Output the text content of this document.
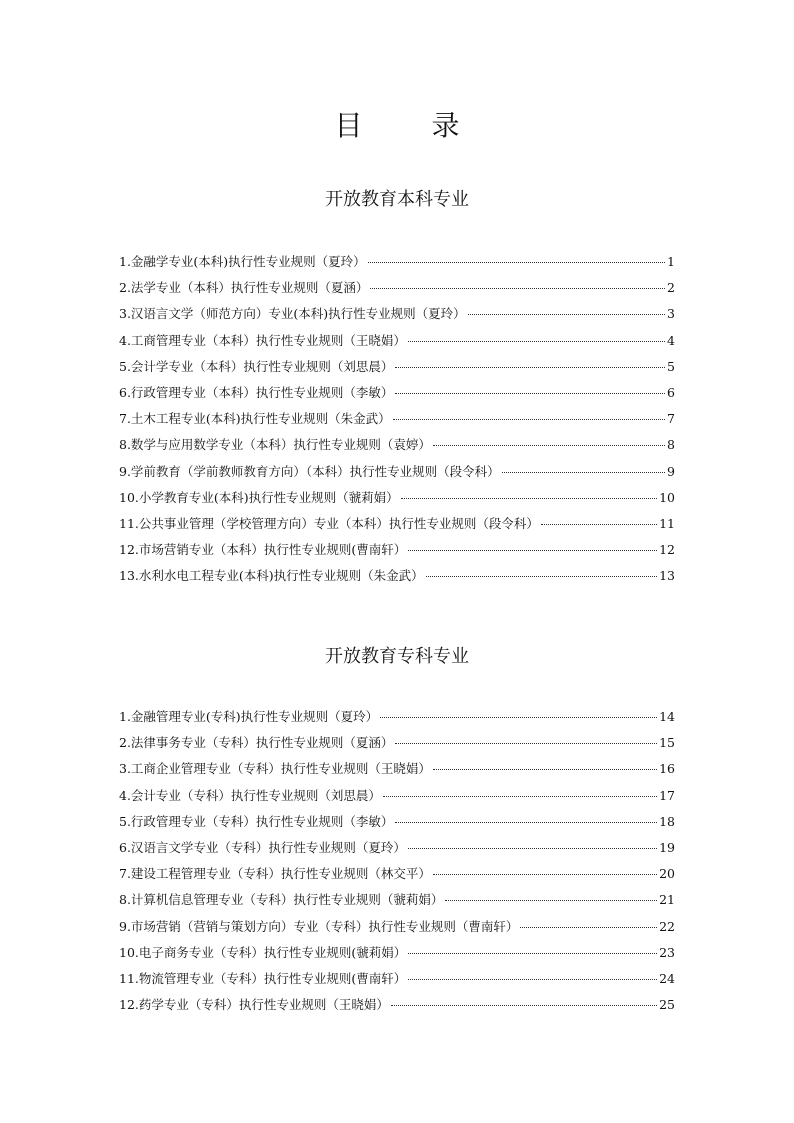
目 录
开放教育本科专业
1.金融学专业(本科)执行性专业规则（夏玲）	1
2.法学专业（本科）执行性专业规则（夏涵）	2
3.汉语言文学（师范方向）专业(本科)执行性专业规则（夏玲）	3
4.工商管理专业（本科）执行性专业规则（王晓娟）	4
5.会计学专业（本科）执行性专业规则（刘思晨）	5
6.行政管理专业（本科）执行性专业规则（李敏）	6
7.土木工程专业(本科)执行性专业规则（朱金武）	7
8.数学与应用数学专业（本科）执行性专业规则（袁婷）	8
9.学前教育（学前教师教育方向）（本科）执行性专业规则（段令科）	9
10.小学教育专业(本科)执行性专业规则（虢莉娟）	10
11.公共事业管理（学校管理方向）专业（本科）执行性专业规则（段令科）	11
12.市场营销专业（本科）执行性专业规则(曹南轩）	12
13.水利水电工程专业(本科)执行性专业规则（朱金武）	13
开放教育专科专业
1.金融管理专业(专科)执行性专业规则（夏玲）	14
2.法律事务专业（专科）执行性专业规则（夏涵）	15
3.工商企业管理专业（专科）执行性专业规则（王晓娟）	16
4.会计专业（专科）执行性专业规则（刘思晨）	17
5.行政管理专业（专科）执行性专业规则（李敏）	18
6.汉语言文学专业（专科）执行性专业规则（夏玲）	19
7.建设工程管理专业（专科）执行性专业规则（林交平）	20
8.计算机信息管理专业（专科）执行性专业规则（虢莉娟）	21
9.市场营销（营销与策划方向）专业（专科）执行性专业规则（曹南轩）	22
10.电子商务专业（专科）执行性专业规则(虢莉娟）	23
11.物流管理专业（专科）执行性专业规则(曹南轩）	24
12.药学专业（专科）执行性专业规则（王晓娟）	25
